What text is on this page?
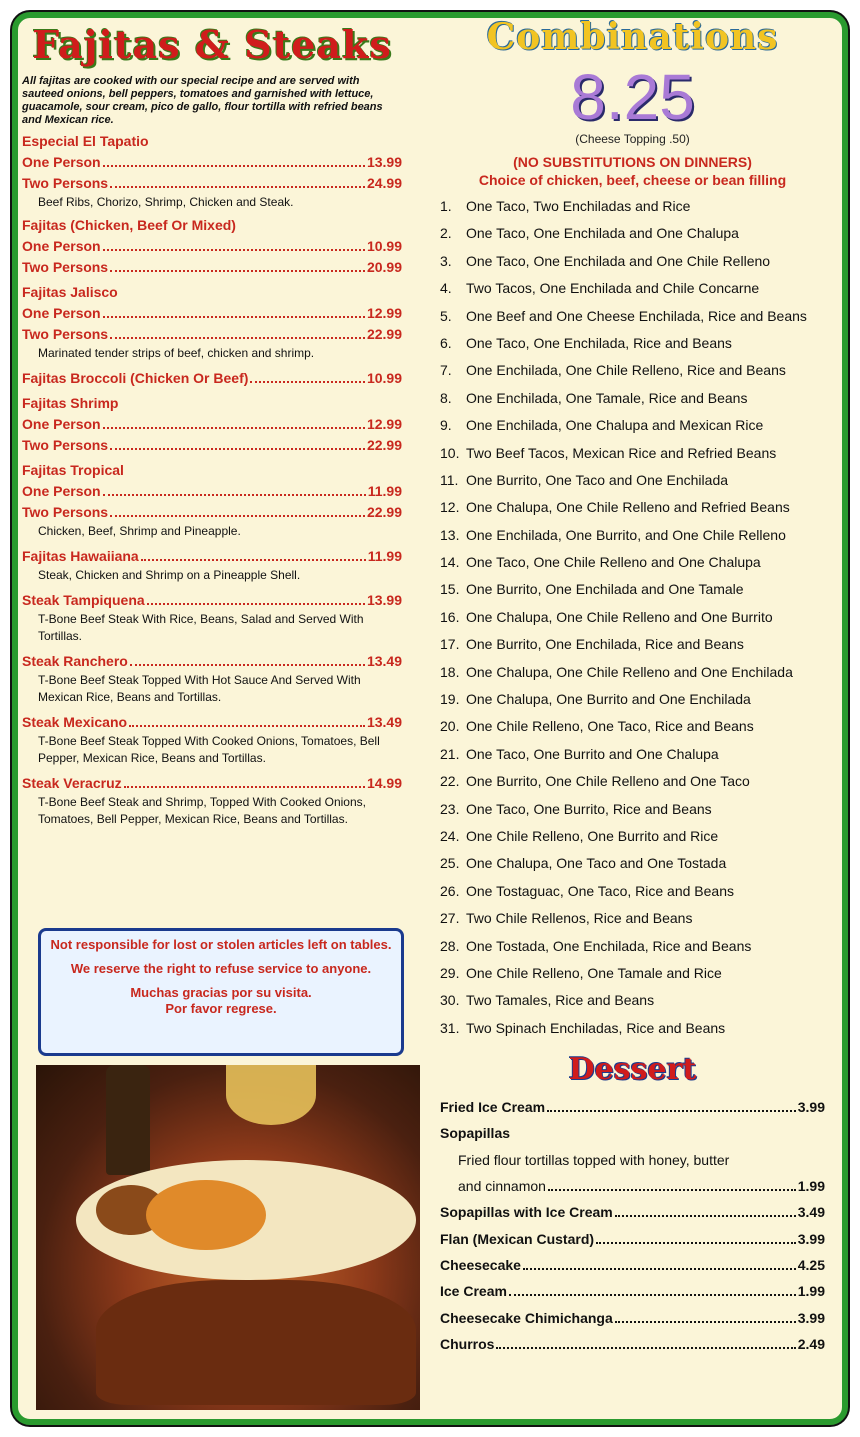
Fajitas & Steaks
All fajitas are cooked with our special recipe and are served with sauteed onions, bell peppers, tomatoes and garnished with lettuce, guacamole, sour cream, pico de gallo, flour tortilla with refried beans and Mexican rice.
Especial El Tapatio
One Person	13.99
Two Persons	24.99
Beef Ribs, Chorizo, Shrimp, Chicken and Steak.
Fajitas (Chicken, Beef Or Mixed)
One Person	10.99
Two Persons	20.99
Fajitas Jalisco
One Person	12.99
Two Persons	22.99
Marinated tender strips of beef, chicken and shrimp.
Fajitas Broccoli (Chicken Or Beef)	10.99
Fajitas Shrimp
One Person	12.99
Two Persons	22.99
Fajitas Tropical
One Person	11.99
Two Persons	22.99
Chicken, Beef, Shrimp and Pineapple.
Fajitas Hawaiiana	11.99
Steak, Chicken and Shrimp on a Pineapple Shell.
Steak Tampiquena	13.99
T-Bone Beef Steak With Rice, Beans, Salad and Served With Tortillas.
Steak Ranchero	13.49
T-Bone Beef Steak Topped With Hot Sauce And Served With Mexican Rice, Beans and Tortillas.
Steak Mexicano	13.49
T-Bone Beef Steak Topped With Cooked Onions, Tomatoes, Bell Pepper, Mexican Rice, Beans and Tortillas.
Steak Veracruz	14.99
T-Bone Beef Steak and Shrimp, Topped With Cooked Onions, Tomatoes, Bell Pepper, Mexican Rice, Beans and Tortillas.

Not responsible for lost or stolen articles left on tables.

We reserve the right to refuse service to anyone.

Muchas gracias por su visita.

Por favor regrese.

Combinations
8.25
(Cheese Topping .50)
(NO SUBSTITUTIONS ON DINNERS)
Choice of chicken, beef, cheese or bean filling
1.	One Taco, Two Enchiladas and Rice
2.	One Taco, One Enchilada and One Chalupa
3.	One Taco, One Enchilada and One Chile Relleno
4.	Two Tacos, One Enchilada and Chile Concarne
5.	One Beef and One Cheese Enchilada, Rice and Beans
6.	One Taco, One Enchilada, Rice and Beans
7.	One Enchilada, One Chile Relleno, Rice and Beans
8.	One Enchilada, One Tamale, Rice and Beans
9.	One Enchilada, One Chalupa and Mexican Rice
10. Two Beef Tacos, Mexican Rice and Refried Beans
11. One Burrito, One Taco and One Enchilada
12. One Chalupa, One Chile Relleno and Refried Beans
13. One Enchilada, One Burrito, and One Chile Relleno
14. One Taco, One Chile Relleno and One Chalupa
15. One Burrito, One Enchilada and One Tamale
16. One Chalupa, One Chile Relleno and One Burrito
17. One Burrito, One Enchilada, Rice and Beans
18. One Chalupa, One Chile Relleno and One Enchilada
19. One Chalupa, One Burrito and One Enchilada
20. One Chile Relleno, One Taco, Rice and Beans
21. One Taco, One Burrito and One Chalupa
22. One Burrito, One Chile Relleno and One Taco
23. One Taco, One Burrito, Rice and Beans
24. One Chile Relleno, One Burrito and Rice
25. One Chalupa, One Taco and One Tostada
26. One Tostaguac, One Taco, Rice and Beans
27. Two Chile Rellenos, Rice and Beans
28. One Tostada, One Enchilada, Rice and Beans
29. One Chile Relleno, One Tamale and Rice
30. Two Tamales, Rice and Beans
31. Two Spinach Enchiladas, Rice and Beans
Dessert
Fried Ice Cream	3.99
Sopapillas
Fried flour tortillas topped with honey, butter
and cinnamon	1.99
Sopapillas with Ice Cream	3.49
Flan (Mexican Custard)	3.99
Cheesecake	4.25
Ice Cream	1.99
Cheesecake Chimichanga	3.99
Churros	2.49
